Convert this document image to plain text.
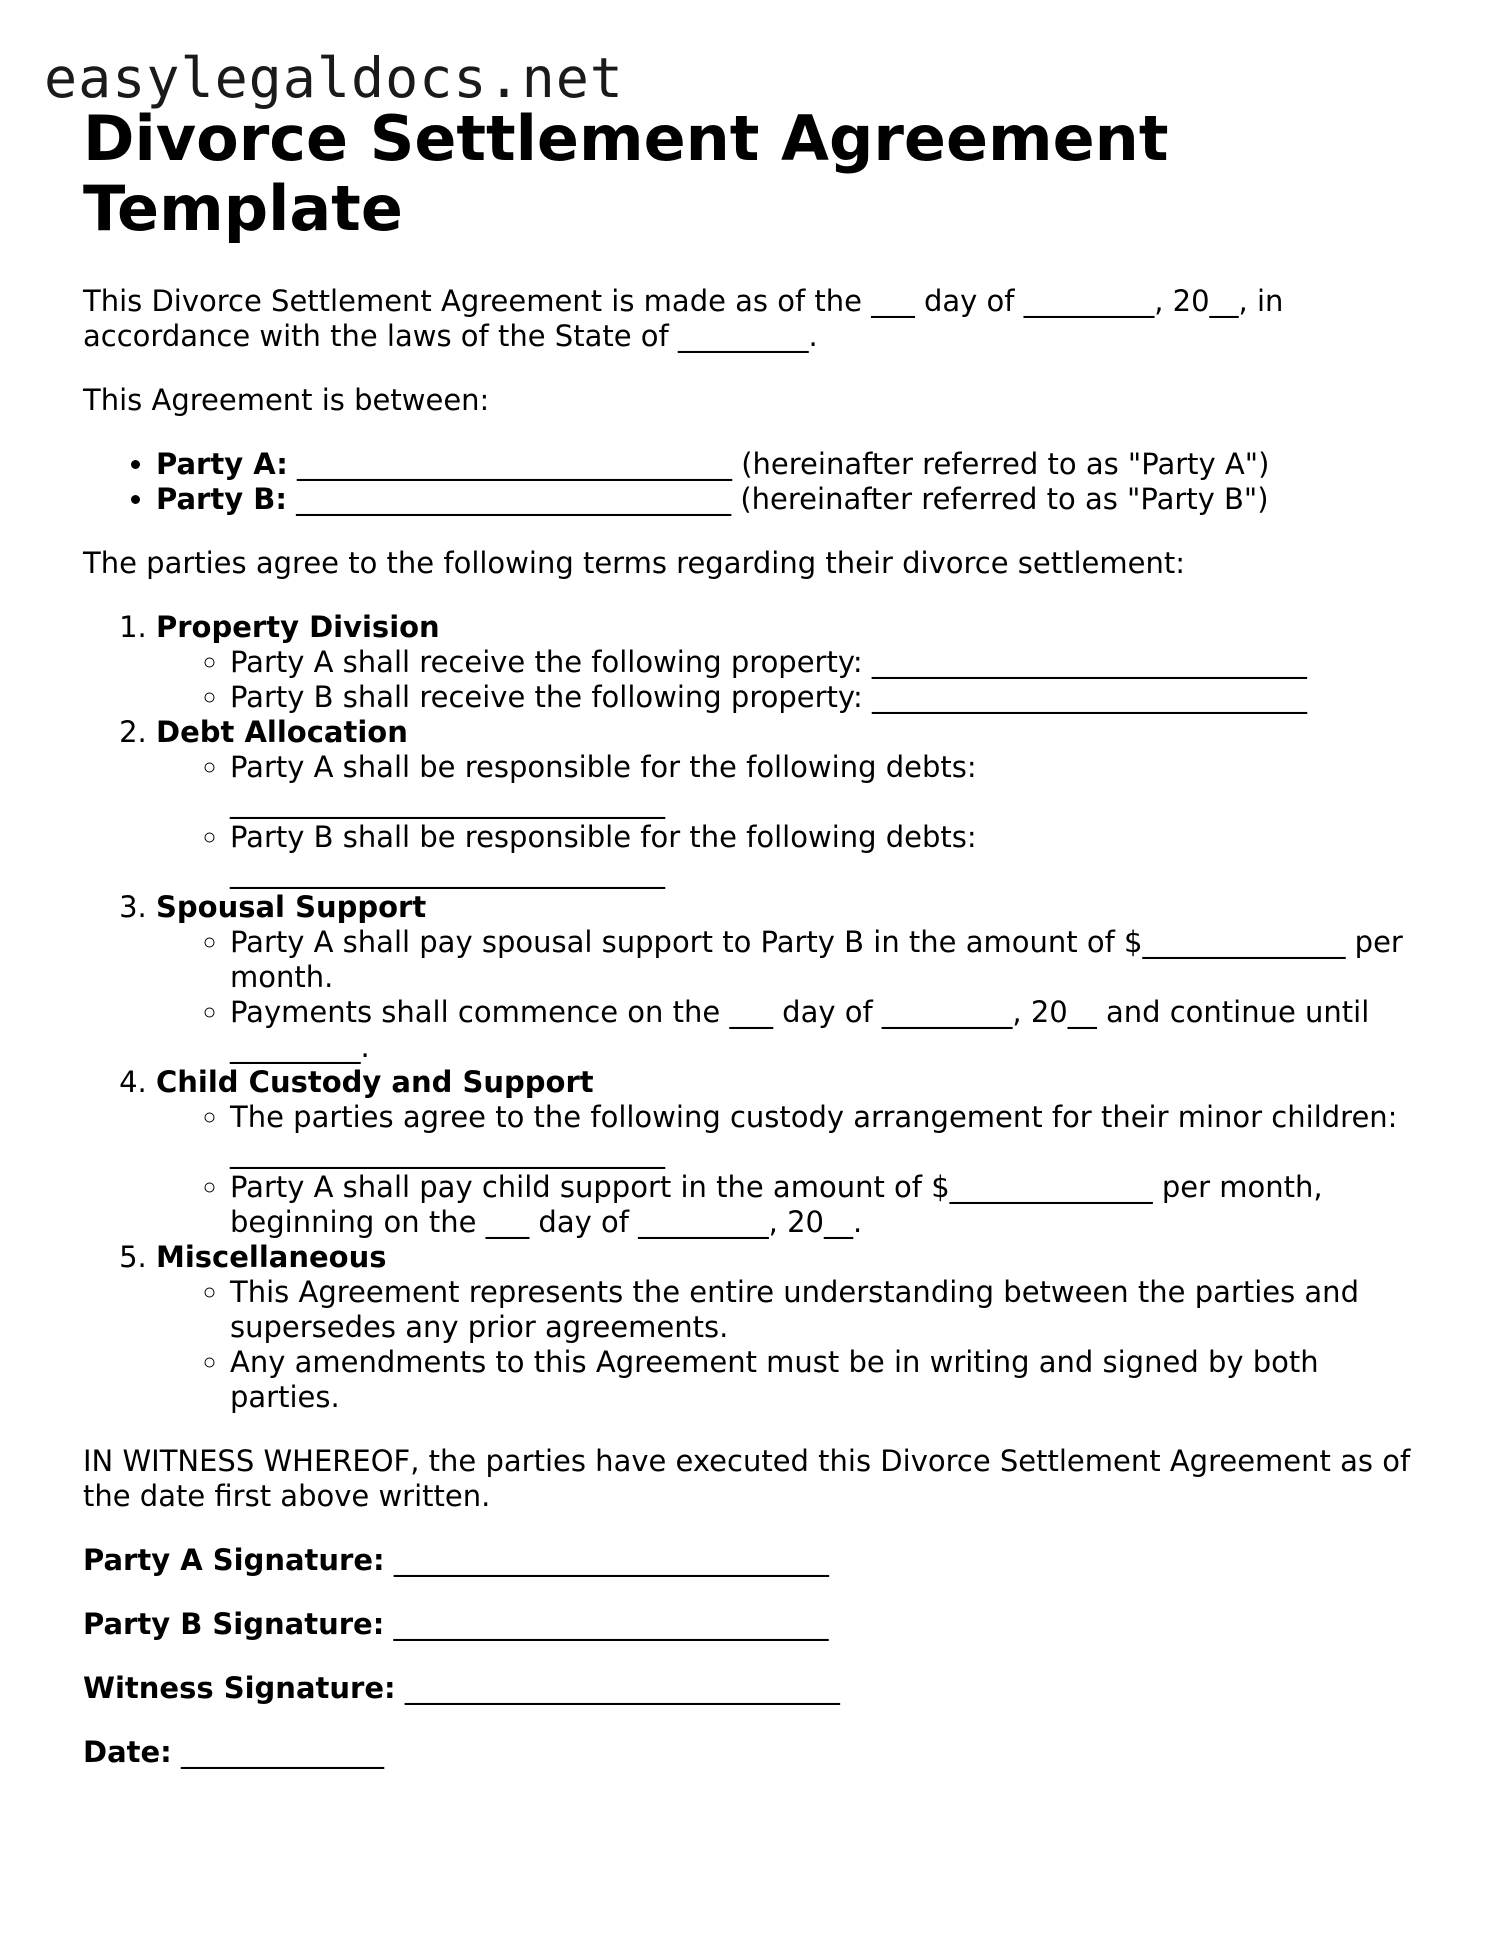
easylegaldocs.net
Divorce Settlement Agreement Template

This Divorce Settlement Agreement is made as of the ___ day of _________, 20__, in accordance with the laws of the State of _________.

This Agreement is between:

• Party A: ______________________________ (hereinafter referred to as "Party A")
• Party B: ______________________________ (hereinafter referred to as "Party B")

The parties agree to the following terms regarding their divorce settlement:

1. Property Division
◦ Party A shall receive the following property: ______________________________
◦ Party B shall receive the following property: ______________________________
2. Debt Allocation
◦ Party A shall be responsible for the following debts:
______________________________
◦ Party B shall be responsible for the following debts:
______________________________
3. Spousal Support
◦ Party A shall pay spousal support to Party B in the amount of $______________ per month.
◦ Payments shall commence on the ___ day of _________, 20__ and continue until _________.
4. Child Custody and Support
◦ The parties agree to the following custody arrangement for their minor children:
______________________________
◦ Party A shall pay child support in the amount of $______________ per month, beginning on the ___ day of _________, 20__.
5. Miscellaneous
◦ This Agreement represents the entire understanding between the parties and supersedes any prior agreements.
◦ Any amendments to this Agreement must be in writing and signed by both parties.

IN WITNESS WHEREOF, the parties have executed this Divorce Settlement Agreement as of the date first above written.

Party A Signature: ______________________________

Party B Signature: ______________________________

Witness Signature: ______________________________

Date: ______________
